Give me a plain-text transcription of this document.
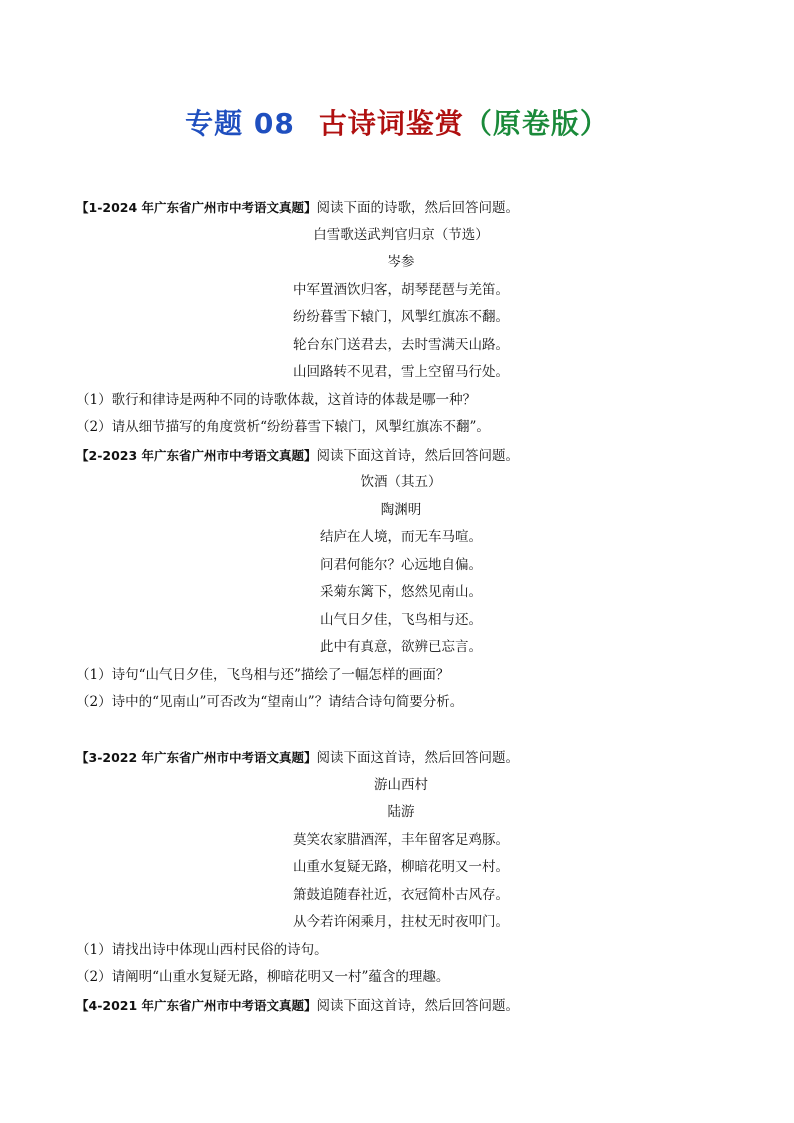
专题 08 古诗词鉴赏（原卷版）
【1-2024 年广东省广州市中考语文真题】阅读下面的诗歌，然后回答问题。
白雪歌送武判官归京（节选）
岑参
中军置酒饮归客，胡琴琵琶与羌笛。
纷纷暮雪下辕门，风掣红旗冻不翻。
轮台东门送君去，去时雪满天山路。
山回路转不见君，雪上空留马行处。
（1）歌行和律诗是两种不同的诗歌体裁，这首诗的体裁是哪一种？
（2）请从细节描写的角度赏析“纷纷暮雪下辕门，风掣红旗冻不翻”。
【2-2023 年广东省广州市中考语文真题】阅读下面这首诗，然后回答问题。
饮酒（其五）
陶渊明
结庐在人境，而无车马喧。
问君何能尔？心远地自偏。
采菊东篱下，悠然见南山。
山气日夕佳，飞鸟相与还。
此中有真意，欲辨已忘言。
（1）诗句“山气日夕佳，飞鸟相与还”描绘了一幅怎样的画面？
（2）诗中的“见南山”可否改为“望南山”？请结合诗句简要分析。
【3-2022 年广东省广州市中考语文真题】阅读下面这首诗，然后回答问题。
游山西村
陆游
莫笑农家腊酒浑，丰年留客足鸡豚。
山重水复疑无路，柳暗花明又一村。
箫鼓追随春社近，衣冠简朴古风存。
从今若许闲乘月，拄杖无时夜叩门。
（1）请找出诗中体现山西村民俗的诗句。
（2）请阐明“山重水复疑无路，柳暗花明又一村”蕴含的理趣。
【4-2021 年广东省广州市中考语文真题】阅读下面这首诗，然后回答问题。
